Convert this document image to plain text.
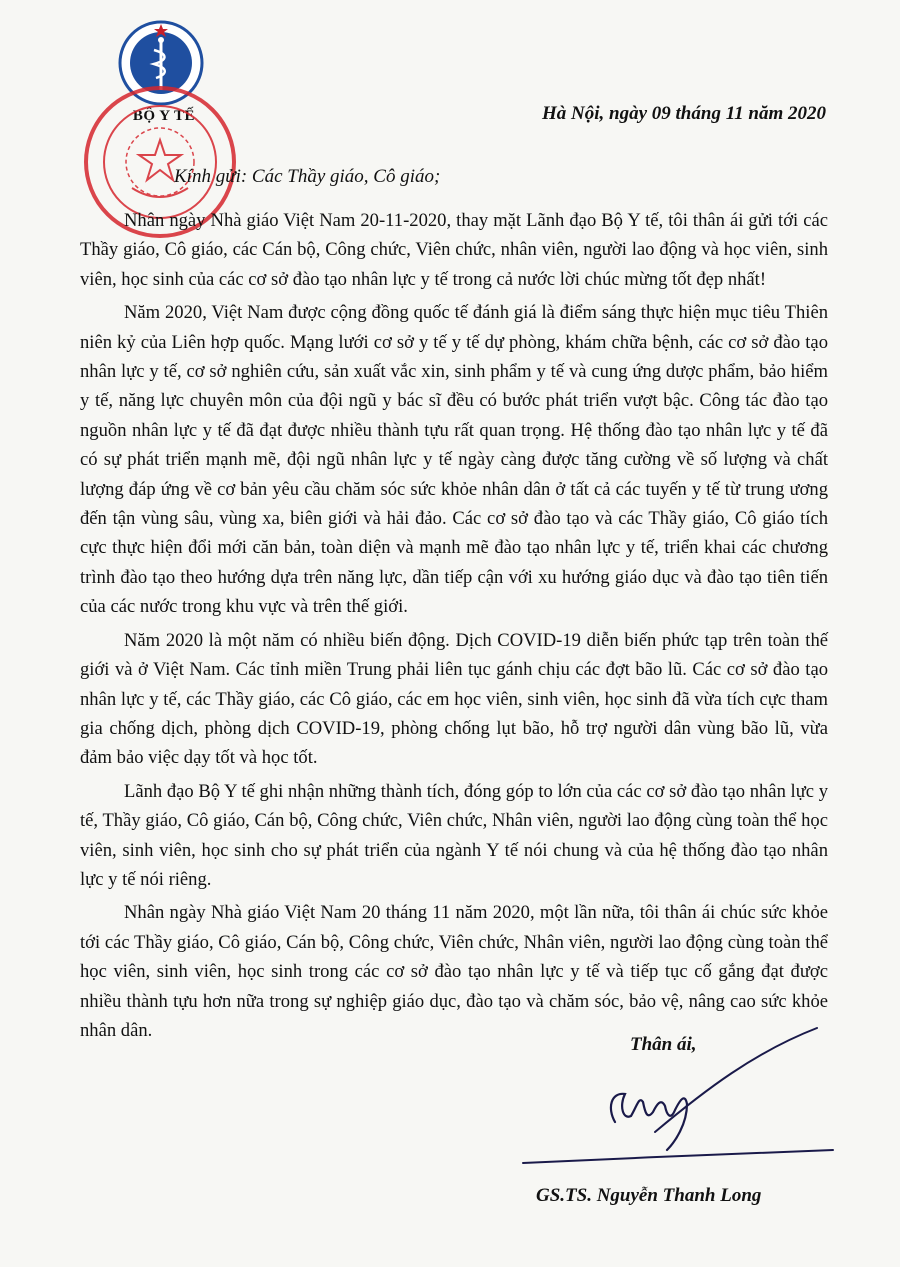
BỘ Y TẾ	Hà Nội, ngày 09 tháng 11 năm 2020
Kính gửi: Các Thầy giáo, Cô giáo;

Nhân ngày Nhà giáo Việt Nam 20-11-2020, thay mặt Lãnh đạo Bộ Y tế, tôi thân ái gửi tới các Thầy giáo, Cô giáo, các Cán bộ, Công chức, Viên chức, nhân viên, người lao động và học viên, sinh viên, học sinh của các cơ sở đào tạo nhân lực y tế trong cả nước lời chúc mừng tốt đẹp nhất!

Năm 2020, Việt Nam được cộng đồng quốc tế đánh giá là điểm sáng thực hiện mục tiêu Thiên niên kỷ của Liên hợp quốc. Mạng lưới cơ sở y tế y tế dự phòng, khám chữa bệnh, các cơ sở đào tạo nhân lực y tế, cơ sở nghiên cứu, sản xuất vắc xin, sinh phẩm y tế và cung ứng dược phẩm, bảo hiểm y tế, năng lực chuyên môn của đội ngũ y bác sĩ đều có bước phát triển vượt bậc. Công tác đào tạo nguồn nhân lực y tế đã đạt được nhiều thành tựu rất quan trọng. Hệ thống đào tạo nhân lực y tế đã có sự phát triển mạnh mẽ, đội ngũ nhân lực y tế ngày càng được tăng cường về số lượng và chất lượng đáp ứng về cơ bản yêu cầu chăm sóc sức khỏe nhân dân ở tất cả các tuyến y tế từ trung ương đến tận vùng sâu, vùng xa, biên giới và hải đảo. Các cơ sở đào tạo và các Thầy giáo, Cô giáo tích cực thực hiện đổi mới căn bản, toàn diện và mạnh mẽ đào tạo nhân lực y tế, triển khai các chương trình đào tạo theo hướng dựa trên năng lực, dần tiếp cận với xu hướng giáo dục và đào tạo tiên tiến của các nước trong khu vực và trên thế giới.

Năm 2020 là một năm có nhiều biến động. Dịch COVID-19 diễn biến phức tạp trên toàn thế giới và ở Việt Nam. Các tỉnh miền Trung phải liên tục gánh chịu các đợt bão lũ. Các cơ sở đào tạo nhân lực y tế, các Thầy giáo, các Cô giáo, các em học viên, sinh viên, học sinh đã vừa tích cực tham gia chống dịch, phòng dịch COVID-19, phòng chống lụt bão, hỗ trợ người dân vùng bão lũ, vừa đảm bảo việc dạy tốt và học tốt.

Lãnh đạo Bộ Y tế ghi nhận những thành tích, đóng góp to lớn của các cơ sở đào tạo nhân lực y tế, Thầy giáo, Cô giáo, Cán bộ, Công chức, Viên chức, Nhân viên, người lao động cùng toàn thể học viên, sinh viên, học sinh cho sự phát triển của ngành Y tế nói chung và của hệ thống đào tạo nhân lực y tế nói riêng.

Nhân ngày Nhà giáo Việt Nam 20 tháng 11 năm 2020, một lần nữa, tôi thân ái chúc sức khỏe tới các Thầy giáo, Cô giáo, Cán bộ, Công chức, Viên chức, Nhân viên, người lao động cùng toàn thể học viên, sinh viên, học sinh trong các cơ sở đào tạo nhân lực y tế và tiếp tục cố gắng đạt được nhiều thành tựu hơn nữa trong sự nghiệp giáo dục, đào tạo và chăm sóc, bảo vệ, nâng cao sức khỏe nhân dân.

Thân ái,
GS.TS. Nguyễn Thanh Long
